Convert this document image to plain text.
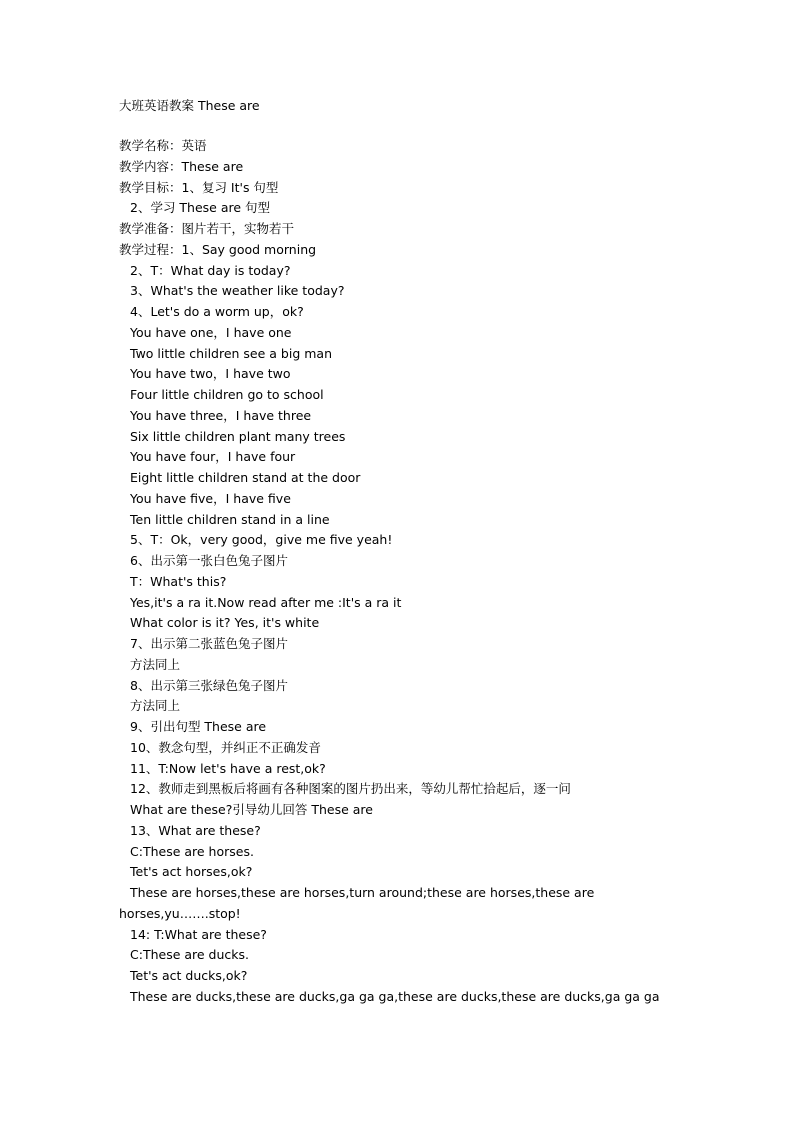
大班英语教案 These are
教学名称：英语
教学内容：These are
教学目标：1、复习 It's 句型
2、学习 These are 句型
教学准备：图片若干，实物若干
教学过程：1、Say good morning
2、T：What day is today?
3、What's the weather like today?
4、Let's do a worm up，ok?
You have one，I have one
Two little children see a big man
You have two，I have two
Four little children go to school
You have three，I have three
Six little children plant many trees
You have four，I have four
Eight little children stand at the door
You have five，I have five
Ten little children stand in a line
5、T：Ok，very good，give me five yeah!
6、出示第一张白色兔子图片
T：What's this?
Yes,it's a ra it.Now read after me :It's a ra it
What color is it? Yes, it's white
7、出示第二张蓝色兔子图片
方法同上
8、出示第三张绿色兔子图片
方法同上
9、引出句型 These are
10、教念句型，并纠正不正确发音
11、T:Now let's have a rest,ok?
12、教师走到黑板后将画有各种图案的图片扔出来，等幼儿帮忙拾起后，逐一问
What are these?引导幼儿回答 These are
13、What are these?
C:These are horses.
Tet's act horses,ok?
These are horses,these are horses,turn around;these are horses,these are
horses,yu…….stop!
14: T:What are these?
C:These are ducks.
Tet's act ducks,ok?
These are ducks,these are ducks,ga ga ga,these are ducks,these are ducks,ga ga ga
